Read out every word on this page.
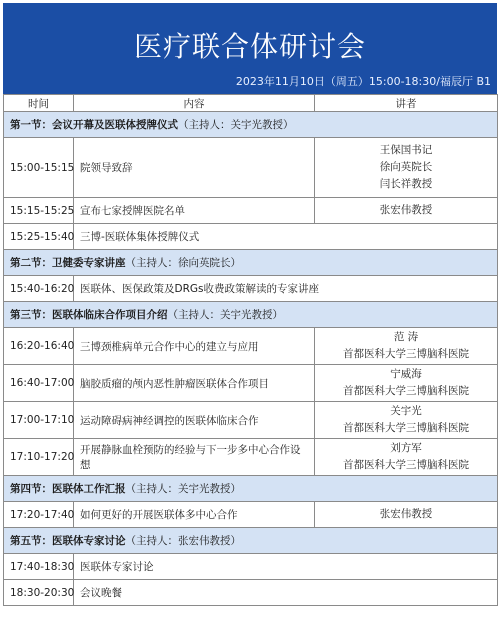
医疗联合体研讨会
2023年11月10日（周五）15:00-18:30/福辰厅 B1
时间	内容	讲者
第一节：会议开幕及医联体授牌仪式（主持人：关宇光教授）		
15:00-15:15	院领导致辞	王保国书记
徐向英院长
闫长祥教授

15:15-15:25	宣布七家授牌医院名单	张宏伟教授

15:25-15:40	三博-医联体集体授牌仪式	
第二节：卫健委专家讲座（主持人：徐向英院长）		
15:40-16:20	医联体、医保政策及DRGs收费政策解读的专家讲座	
第三节：医联体临床合作项目介绍（主持人：关宇光教授）		
16:20-16:40	三博颈椎病单元合作中心的建立与应用	范 涛
首都医科大学三博脑科医院

16:40-17:00	脑胶质瘤的颅内恶性肿瘤医联体合作项目	宁威海
首都医科大学三博脑科医院

17:00-17:10	运动障碍病神经调控的医联体临床合作	关宇光
首都医科大学三博脑科医院

17:10-17:20	开展静脉血栓预防的经验与下一步多中心合作设想	刘方军
首都医科大学三博脑科医院

第四节：医联体工作汇报（主持人：关宇光教授）		
17:20-17:40	如何更好的开展医联体多中心合作	张宏伟教授

第五节：医联体专家讨论（主持人：张宏伟教授）		
17:40-18:30	医联体专家讨论	
18:30-20:30	会议晚餐	
